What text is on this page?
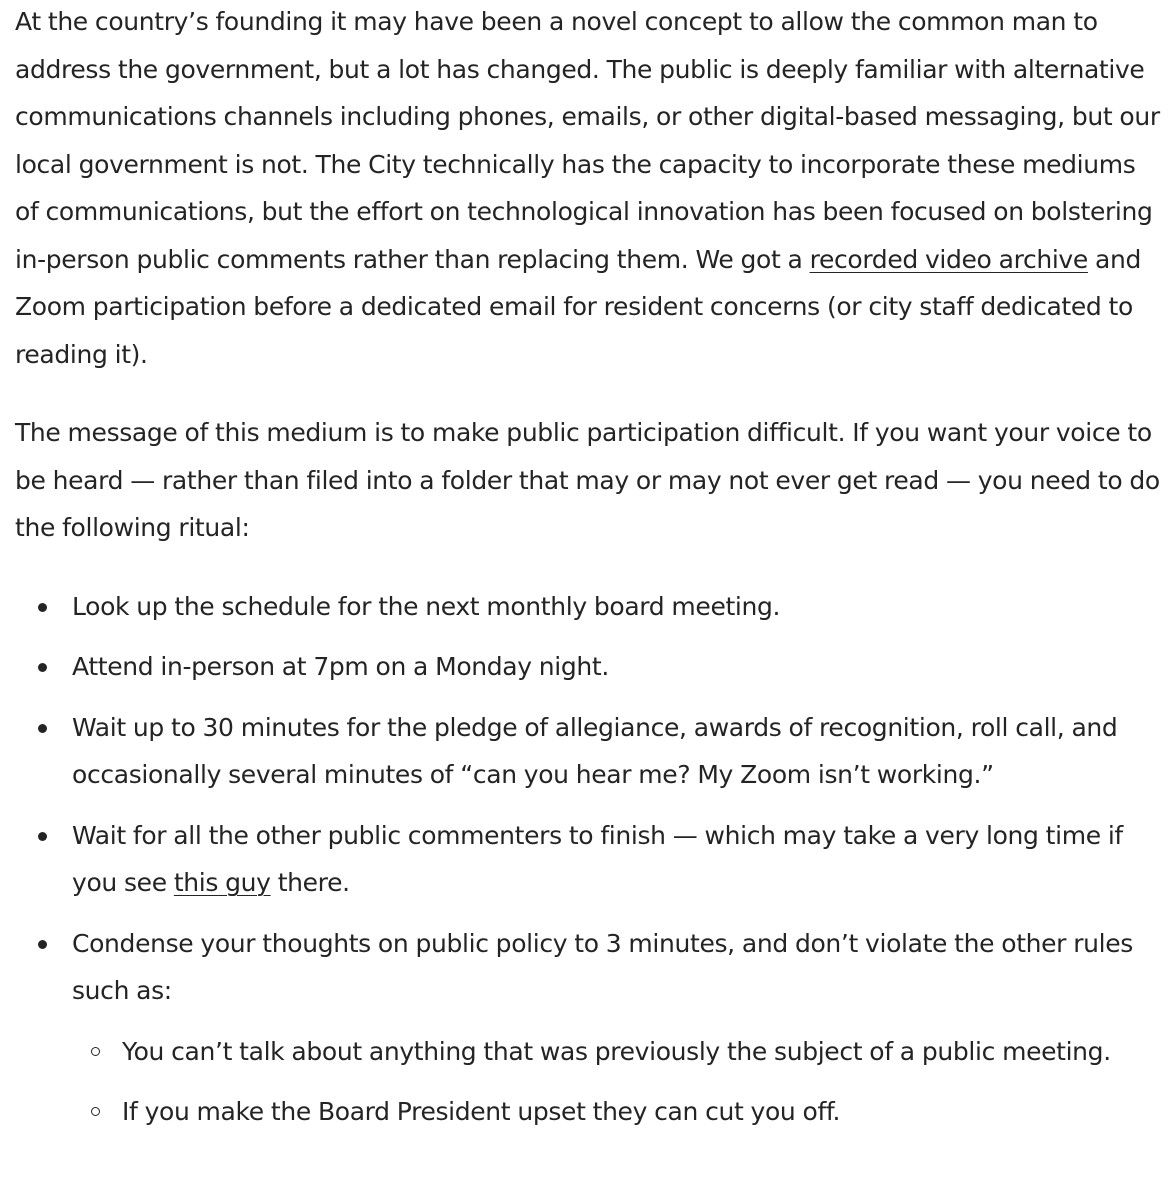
At the country’s founding it may have been a novel concept to allow the common man to address the government, but a lot has changed. The public is deeply familiar with alternative communications channels including phones, emails, or other digital-based messaging, but our local government is not. The City technically has the capacity to incorporate these mediums of communications, but the effort on technological innovation has been focused on bolstering in-person public comments rather than replacing them. We got a recorded video archive and Zoom participation before a dedicated email for resident concerns (or city staff dedicated to reading it).

The message of this medium is to make public participation difficult. If you want your voice to be heard — rather than filed into a folder that may or may not ever get read — you need to do the following ritual:

Look up the schedule for the next monthly board meeting.
Attend in-person at 7pm on a Monday night.
Wait up to 30 minutes for the pledge of allegiance, awards of recognition, roll call, and occasionally several minutes of “can you hear me? My Zoom isn’t working.”
Wait for all the other public commenters to finish — which may take a very long time if you see this guy there.
Condense your thoughts on public policy to 3 minutes, and don’t violate the other rules such as:
You can’t talk about anything that was previously the subject of a public meeting.
If you make the Board President upset they can cut you off.
